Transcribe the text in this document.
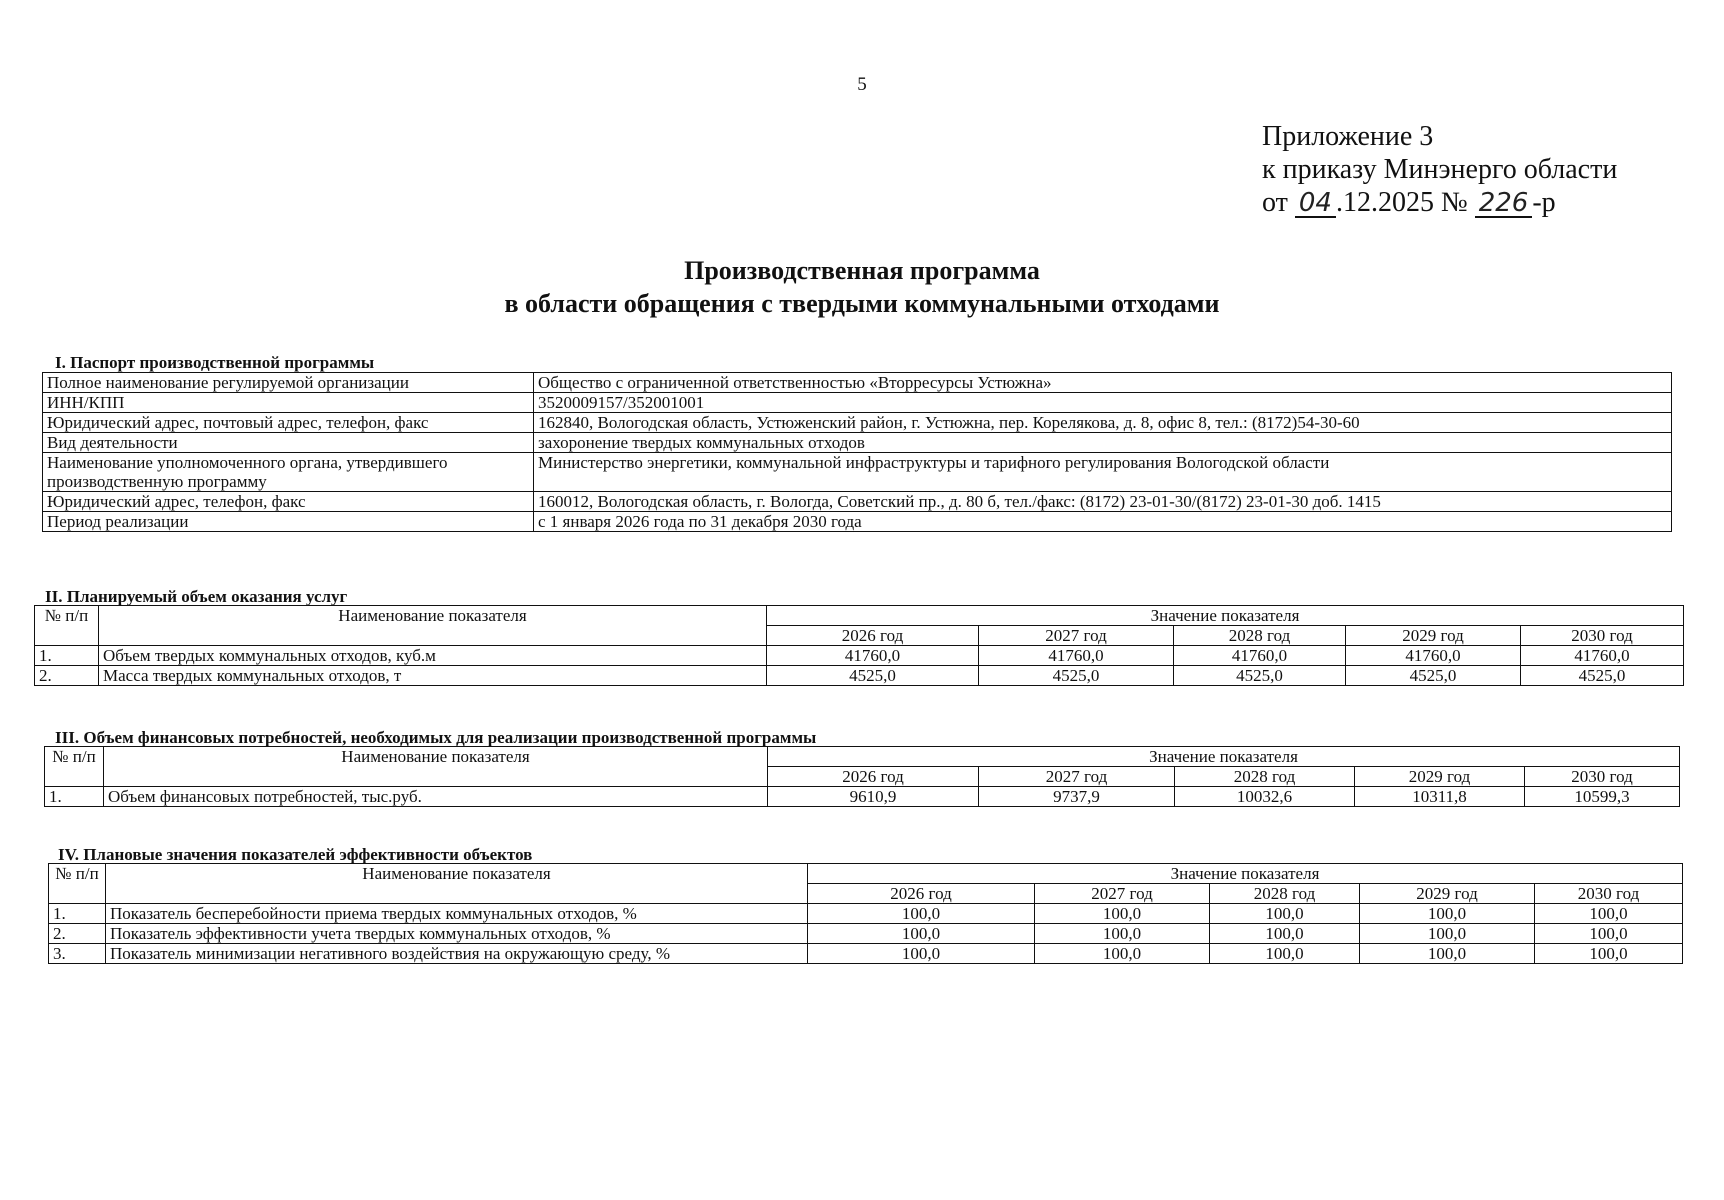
5
Приложение 3
к приказу Минэнерго области
от 04 .12.2025 № 226 -р
Производственная программа
в области обращения с твердыми коммунальными отходами
I. Паспорт производственной программы
Полное наименование регулируемой организации	Общество с ограниченной ответственностью «Вторресурсы Устюжна»
ИНН/КПП	3520009157/352001001
Юридический адрес, почтовый адрес, телефон, факс	162840, Вологодская область, Устюженский район, г. Устюжна, пер. Корелякова, д. 8, офис 8, тел.: (8172)54-30-60
Вид деятельности	захоронение твердых коммунальных отходов
Наименование уполномоченного органа, утвердившего производственную программу	Министерство энергетики, коммунальной инфраструктуры и тарифного регулирования Вологодской области
Юридический адрес, телефон, факс	160012, Вологодская область, г. Вологда, Советский пр., д. 80 б, тел./факс: (8172) 23-01-30/(8172) 23-01-30 доб. 1415
Период реализации	с 1 января 2026 года по 31 декабря 2030 года
II. Планируемый объем оказания услуг
№ п/п	Наименование показателя	Значение показателя				
		2026 год	2027 год	2028 год	2029 год	2030 год
1.	Объем твердых коммунальных отходов, куб.м	41760,0	41760,0	41760,0	41760,0	41760,0
2.	Масса твердых коммунальных отходов, т	4525,0	4525,0	4525,0	4525,0	4525,0
III. Объем финансовых потребностей, необходимых для реализации производственной программы
№ п/п	Наименование показателя	Значение показателя				
		2026 год	2027 год	2028 год	2029 год	2030 год
1.	Объем финансовых потребностей, тыс.руб.	9610,9	9737,9	10032,6	10311,8	10599,3
IV. Плановые значения показателей эффективности объектов
№ п/п	Наименование показателя	Значение показателя				
		2026 год	2027 год	2028 год	2029 год	2030 год
1.	Показатель бесперебойности приема твердых коммунальных отходов, %	100,0	100,0	100,0	100,0	100,0
2.	Показатель эффективности учета твердых коммунальных отходов, %	100,0	100,0	100,0	100,0	100,0
3.	Показатель минимизации негативного воздействия на окружающую среду, %	100,0	100,0	100,0	100,0	100,0
